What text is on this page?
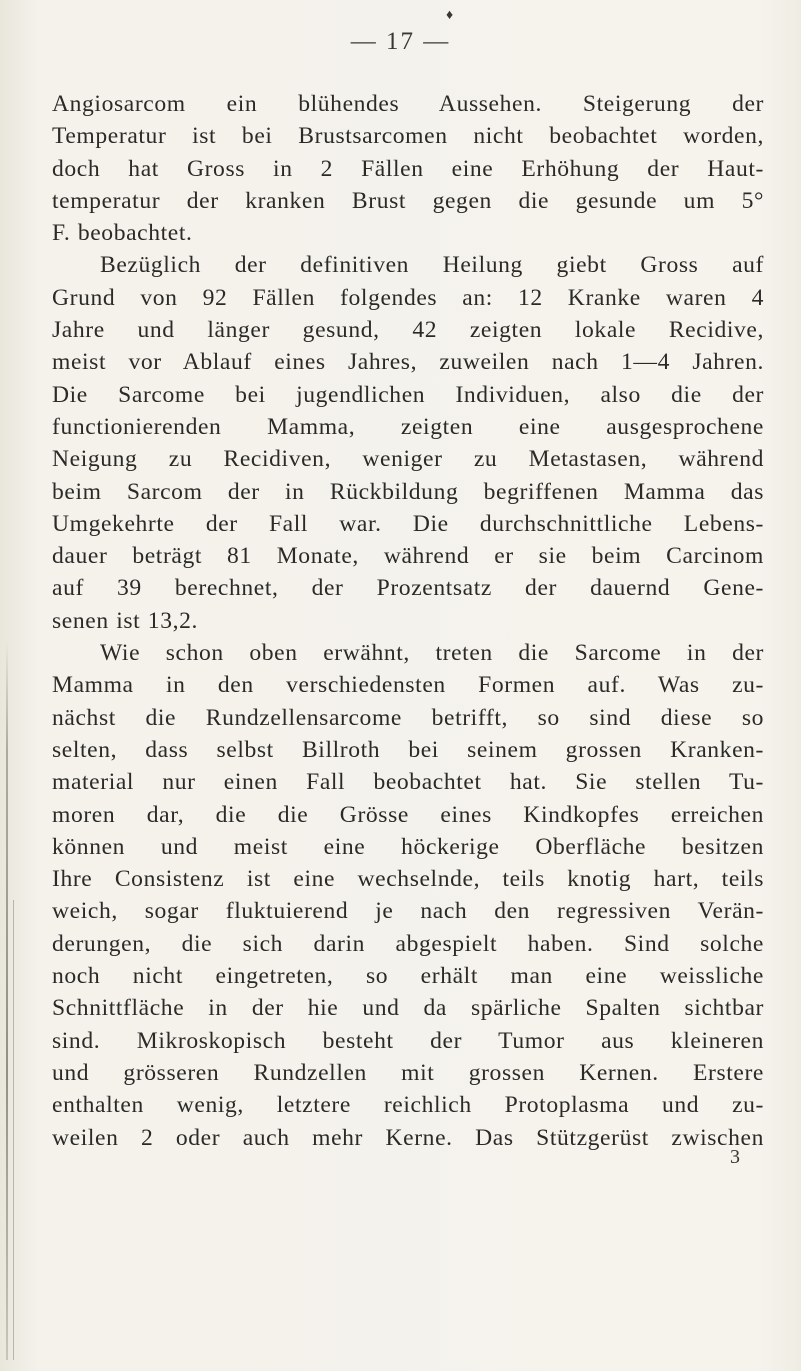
♦
— 17 —
Angiosarcom ein blühendes Aussehen. Steigerung der
Temperatur ist bei Brustsarcomen nicht beobachtet worden,
doch hat Gross in 2 Fällen eine Erhöhung der Haut-
temperatur der kranken Brust gegen die gesunde um 5°
F. beobachtet.
Bezüglich der definitiven Heilung giebt Gross auf
Grund von 92 Fällen folgendes an: 12 Kranke waren 4
Jahre und länger gesund, 42 zeigten lokale Recidive,
meist vor Ablauf eines Jahres, zuweilen nach 1—4 Jahren.
Die Sarcome bei jugendlichen Individuen, also die der
functionierenden Mamma, zeigten eine ausgesprochene
Neigung zu Recidiven, weniger zu Metastasen, während
beim Sarcom der in Rückbildung begriffenen Mamma das
Umgekehrte der Fall war. Die durchschnittliche Lebens-
dauer beträgt 81 Monate, während er sie beim Carcinom
auf 39 berechnet, der Prozentsatz der dauernd Gene-
senen ist 13,2.
Wie schon oben erwähnt, treten die Sarcome in der
Mamma in den verschiedensten Formen auf. Was zu-
nächst die Rundzellensarcome betrifft, so sind diese so
selten, dass selbst Billroth bei seinem grossen Kranken-
material nur einen Fall beobachtet hat. Sie stellen Tu-
moren dar, die die Grösse eines Kindkopfes erreichen
können und meist eine höckerige Oberfläche besitzen
Ihre Consistenz ist eine wechselnde, teils knotig hart, teils
weich, sogar fluktuierend je nach den regressiven Verän-
derungen, die sich darin abgespielt haben. Sind solche
noch nicht eingetreten, so erhält man eine weissliche
Schnittfläche in der hie und da spärliche Spalten sichtbar
sind. Mikroskopisch besteht der Tumor aus kleineren
und grösseren Rundzellen mit grossen Kernen. Erstere
enthalten wenig, letztere reichlich Protoplasma und zu-
weilen 2 oder auch mehr Kerne. Das Stützgerüst zwischen
3
